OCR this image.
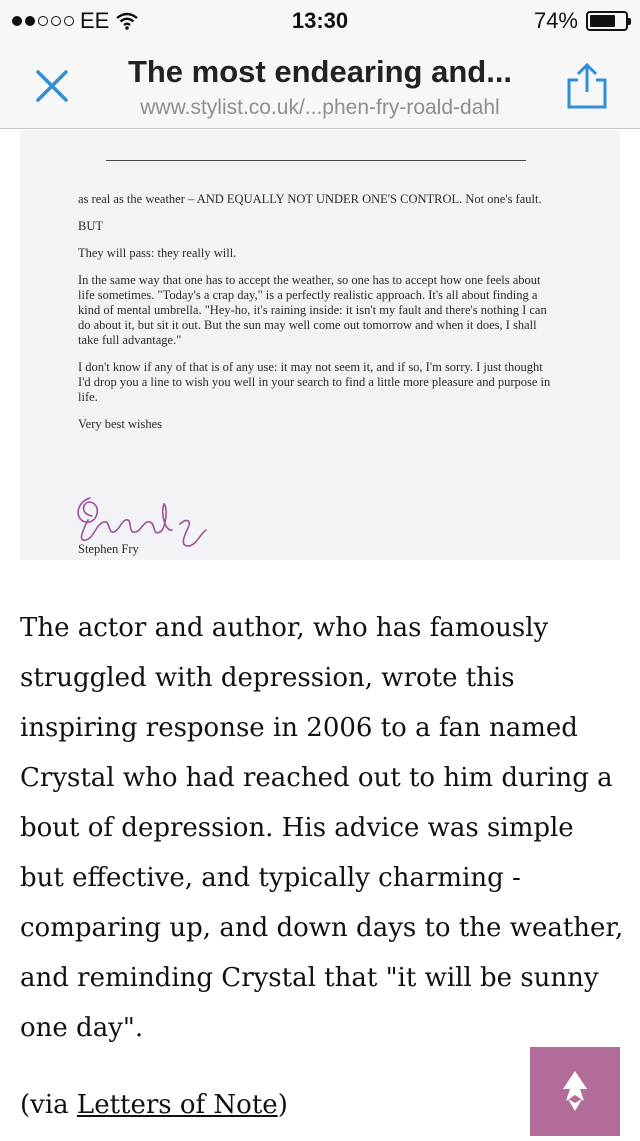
EE	13:30	74%
The most endearing and...
www.stylist.co.uk/...phen-fry-roald-dahl

as real as the weather – AND EQUALLY NOT UNDER ONE'S CONTROL. Not one's fault.

BUT

They will pass: they really will.

In the same way that one has to accept the weather, so one has to accept how one feels about life sometimes. "Today's a crap day," is a perfectly realistic approach. It's all about finding a kind of mental umbrella. "Hey-ho, it's raining inside: it isn't my fault and there's nothing I can do about it, but sit it out. But the sun may well come out tomorrow and when it does, I shall take full advantage."

I don't know if any of that is of any use: it may not seem it, and if so, I'm sorry. I just thought I'd drop you a line to wish you well in your search to find a little more pleasure and purpose in life.

Very best wishes

Stephen Fry
The actor and author, who has famously struggled with depression, wrote this inspiring response in 2006 to a fan named Crystal who had reached out to him during a bout of depression. His advice was simple but effective, and typically charming - comparing up, and down days to the weather, and reminding Crystal that "it will be sunny one day".
(via Letters of Note)
